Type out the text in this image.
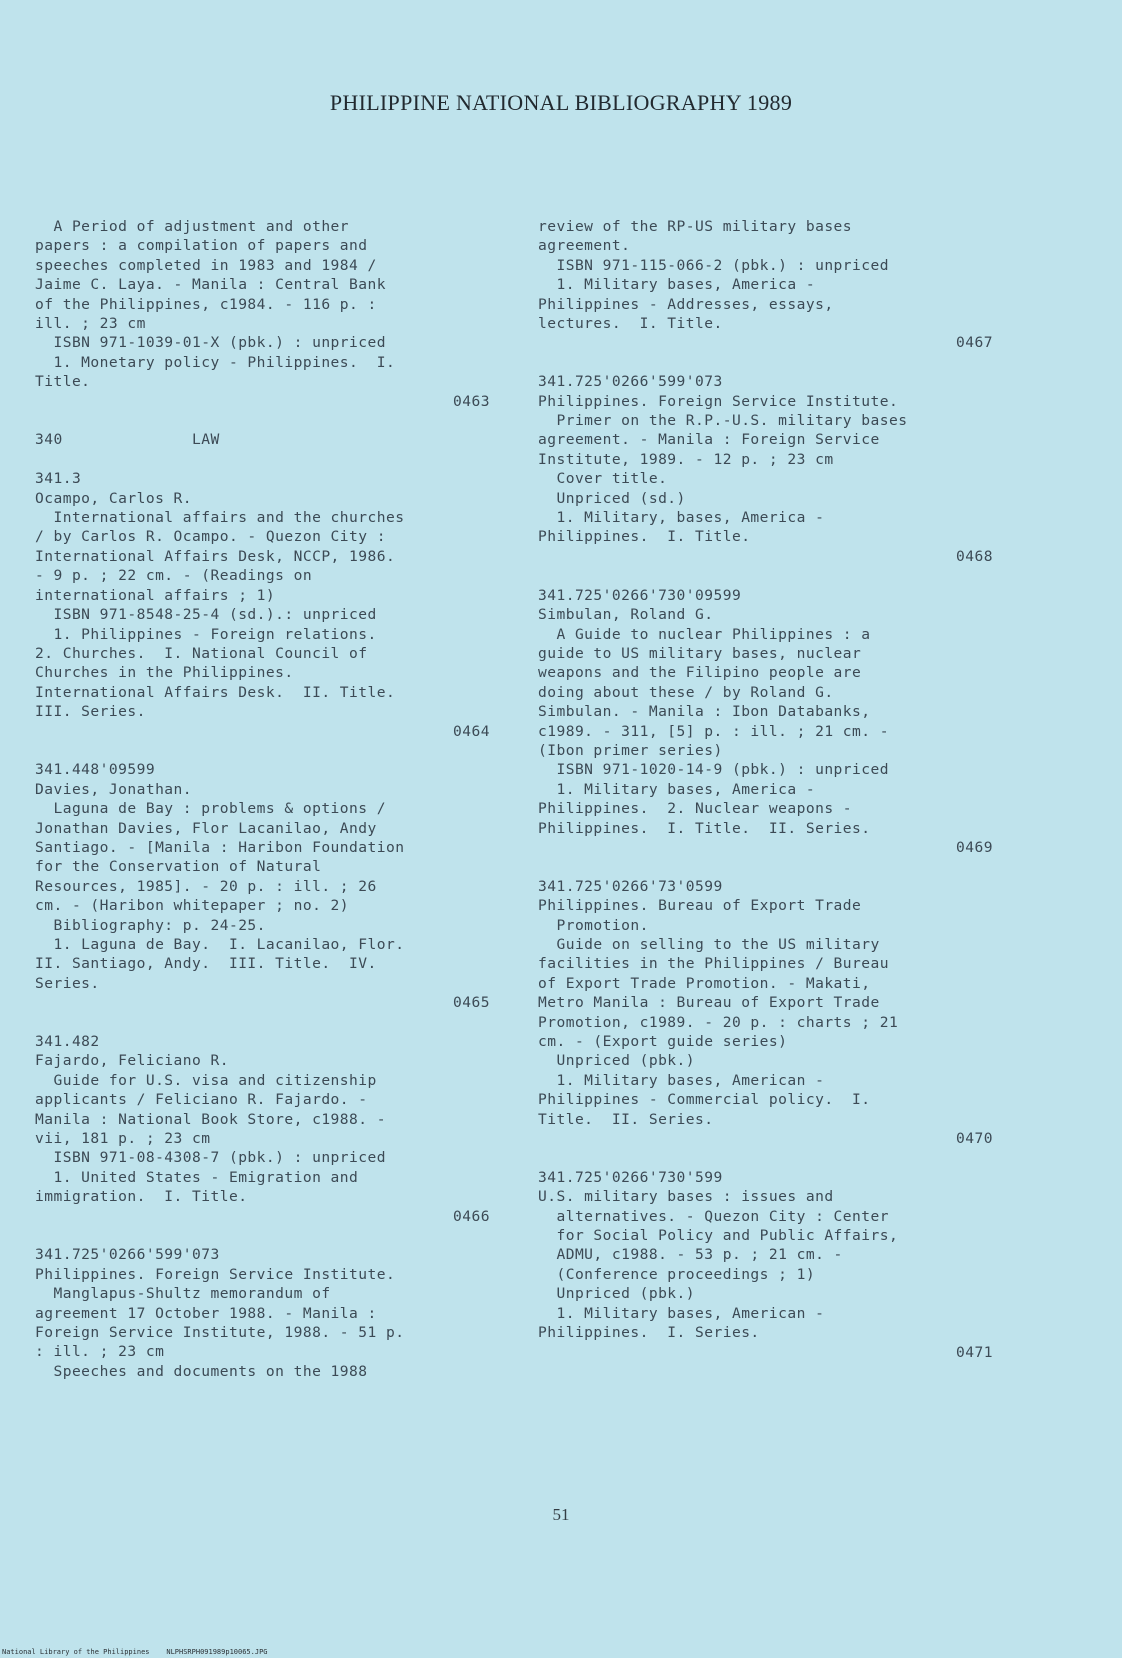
PHILIPPINE NATIONAL BIBLIOGRAPHY 1989
A Period of adjustment and other
papers : a compilation of papers and
speeches completed in 1983 and 1984 /
Jaime C. Laya. - Manila : Central Bank
of the Philippines, c1984. - 116 p. :
ill. ; 23 cm
ISBN 971-1039-01-X (pbk.) : unpriced
1. Monetary policy - Philippines.  I.
Title.
0463
340              LAW
341.3
Ocampo, Carlos R.
International affairs and the churches
/ by Carlos R. Ocampo. - Quezon City :
International Affairs Desk, NCCP, 1986.
- 9 p. ; 22 cm. - (Readings on
international affairs ; 1)
ISBN 971-8548-25-4 (sd.).: unpriced
1. Philippines - Foreign relations.
2. Churches.  I. National Council of
Churches in the Philippines.
International Affairs Desk.  II. Title.
III. Series.
0464
341.448'09599
Davies, Jonathan.
Laguna de Bay : problems & options /
Jonathan Davies, Flor Lacanilao, Andy
Santiago. - [Manila : Haribon Foundation
for the Conservation of Natural
Resources, 1985]. - 20 p. : ill. ; 26
cm. - (Haribon whitepaper ; no. 2)
Bibliography: p. 24-25.
1. Laguna de Bay.  I. Lacanilao, Flor.
II. Santiago, Andy.  III. Title.  IV.
Series.
0465
341.482
Fajardo, Feliciano R.
Guide for U.S. visa and citizenship
applicants / Feliciano R. Fajardo. -
Manila : National Book Store, c1988. -
vii, 181 p. ; 23 cm
ISBN 971-08-4308-7 (pbk.) : unpriced
1. United States - Emigration and
immigration.  I. Title.
0466
341.725'0266'599'073
Philippines. Foreign Service Institute.
Manglapus-Shultz memorandum of
agreement 17 October 1988. - Manila :
Foreign Service Institute, 1988. - 51 p.
: ill. ; 23 cm
Speeches and documents on the 1988
review of the RP-US military bases
agreement.
ISBN 971-115-066-2 (pbk.) : unpriced
1. Military bases, America -
Philippines - Addresses, essays,
lectures.  I. Title.
0467
341.725'0266'599'073
Philippines. Foreign Service Institute.
Primer on the R.P.-U.S. military bases
agreement. - Manila : Foreign Service
Institute, 1989. - 12 p. ; 23 cm
Cover title.
Unpriced (sd.)
1. Military, bases, America -
Philippines.  I. Title.
0468
341.725'0266'730'09599
Simbulan, Roland G.
A Guide to nuclear Philippines : a
guide to US military bases, nuclear
weapons and the Filipino people are
doing about these / by Roland G.
Simbulan. - Manila : Ibon Databanks,
c1989. - 311, [5] p. : ill. ; 21 cm. -
(Ibon primer series)
ISBN 971-1020-14-9 (pbk.) : unpriced
1. Military bases, America -
Philippines.  2. Nuclear weapons -
Philippines.  I. Title.  II. Series.
0469
341.725'0266'73'0599
Philippines. Bureau of Export Trade
Promotion.
Guide on selling to the US military
facilities in the Philippines / Bureau
of Export Trade Promotion. - Makati,
Metro Manila : Bureau of Export Trade
Promotion, c1989. - 20 p. : charts ; 21
cm. - (Export guide series)
Unpriced (pbk.)
1. Military bases, American -
Philippines - Commercial policy.  I.
Title.  II. Series.
0470
341.725'0266'730'599
U.S. military bases : issues and
alternatives. - Quezon City : Center
for Social Policy and Public Affairs,
ADMU, c1988. - 53 p. ; 21 cm. -
(Conference proceedings ; 1)
Unpriced (pbk.)
1. Military bases, American -
Philippines.  I. Series.
0471
51
National Library of the Philippines    NLPHSRPH091989p10065.JPG
